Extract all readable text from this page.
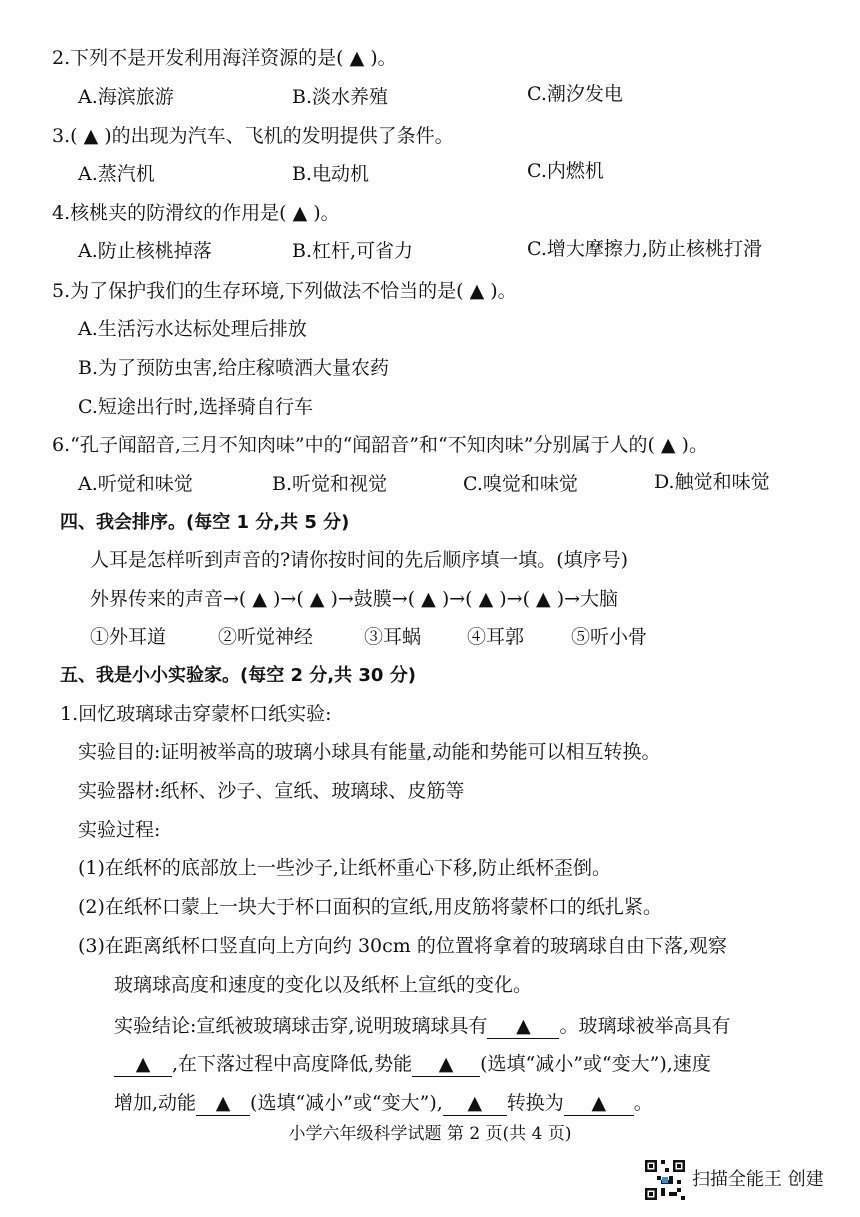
2.下列不是开发利用海洋资源的是( ▲ )。
A.海滨旅游	B.淡水养殖	C.潮汐发电
3.( ▲ )的出现为汽车、飞机的发明提供了条件。
A.蒸汽机	B.电动机	C.内燃机
4.核桃夹的防滑纹的作用是( ▲ )。
A.防止核桃掉落	B.杠杆,可省力	C.增大摩擦力,防止核桃打滑
5.为了保护我们的生存环境,下列做法不恰当的是( ▲ )。
A.生活污水达标处理后排放
B.为了预防虫害,给庄稼喷洒大量农药
C.短途出行时,选择骑自行车
6.“孔子闻韶音,三月不知肉味”中的“闻韶音”和“不知肉味”分别属于人的( ▲ )。
A.听觉和味觉	B.听觉和视觉	C.嗅觉和味觉	D.触觉和味觉
四、我会排序。(每空 1 分,共 5 分)
人耳是怎样听到声音的?请你按时间的先后顺序填一填。(填序号)
外界传来的声音→( ▲ )→( ▲ )→鼓膜→( ▲ )→( ▲ )→( ▲ )→大脑
①外耳道	②听觉神经	③耳蜗 ④耳郭 ⑤听小骨
五、我是小小实验家。(每空 2 分,共 30 分)
1.回忆玻璃球击穿蒙杯口纸实验:
实验目的:证明被举高的玻璃小球具有能量,动能和势能可以相互转换。
实验器材:纸杯、沙子、宣纸、玻璃球、皮筋等
实验过程:
(1)在纸杯的底部放上一些沙子,让纸杯重心下移,防止纸杯歪倒。
(2)在纸杯口蒙上一块大于杯口面积的宣纸,用皮筋将蒙杯口的纸扎紧。
(3)在距离纸杯口竖直向上方向约 30cm 的位置将拿着的玻璃球自由下落,观察
玻璃球高度和速度的变化以及纸杯上宣纸的变化。
实验结论:宣纸被玻璃球击穿,说明玻璃球具有 ▲ 。玻璃球被举高具有
▲ ,在下落过程中高度降低,势能 ▲ (选填“减小”或“变大”),速度
增加,动能 ▲ (选填“减小”或“变大”), ▲ 转换为 ▲ 。
小学六年级科学试题 第 2 页(共 4 页)
扫描全能王 创建
